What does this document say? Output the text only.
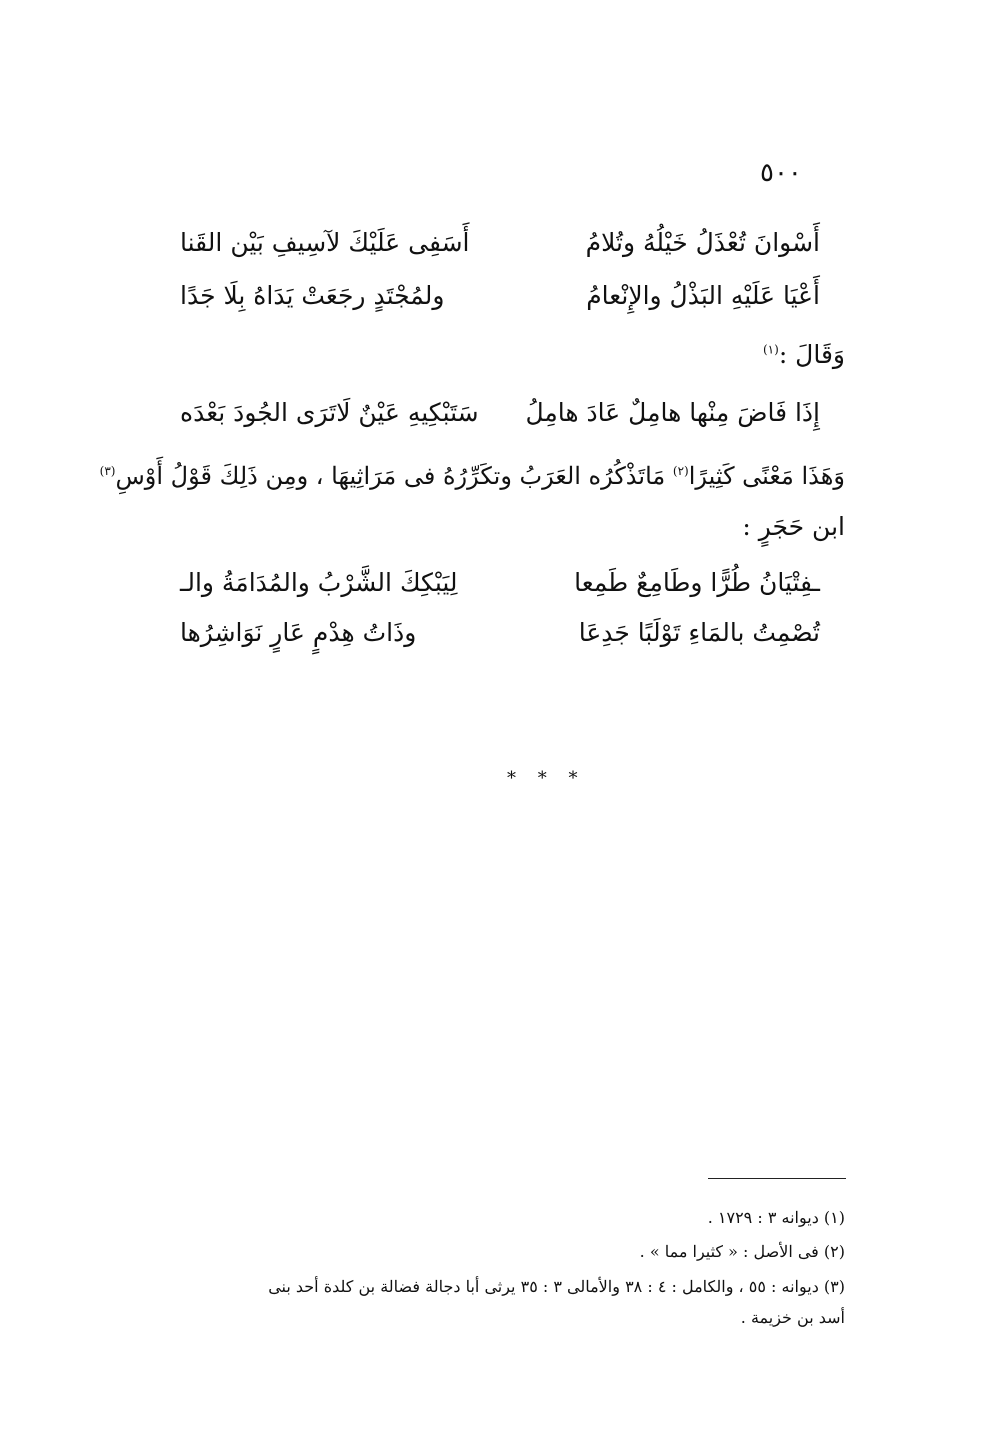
٥٠٠
أَسَفِى عَلَيْكَ لآسِيفِ بَيْن القَنا	أَسْوانَ تُعْذَلُ خَيْلُهُ وتُلامُ
ولمُجْتَدٍ رجَعَتْ يَدَاهُ بِلَا جَدًا	أَعْيَا عَلَيْهِ البَذْلُ والإِنْعامُ
وَقَالَ :$^{(١)}$
سَتَبْكِيهِ عَيْنٌ لَاتَرَى الجُودَ بَعْدَه إِذَا فَاضَ مِنْها هامِلٌ عَادَ هامِلُ
وَهَذَا مَعْنًى كَثِيرًا$^{(٢)}$ مَاتَذْكُرُه العَرَبُ وتكَرِّرُهُ فى مَرَاثِيهَا ، ومِن ذَلِكَ قَوْلُ أَوْسِ$^{(٣)}$
ابن حَجَرٍ :
لِيَبْكِكَ الشَّرْبُ والمُدَامَةُ والـ	ـفِتْيَانُ طُرًّا وطَامِعٌ طَمِعا
وذَاتُ هِدْمٍ عَارٍ نَوَاشِرُها	تُصْمِتُ بالمَاءِ تَوْلَبًا جَدِعَا
* * *
(١) ديوانه ٣ : ١٧٢٩ .
(٢) فى الأصل : « كثيرا مما » .
(٣) ديوانه : ٥٥ ، والكامل : ٤ : ٣٨ والأمالى ٣ : ٣٥ يرثى أبا دجالة فضالة بن كلدة أحد بنى
أسد بن خزيمة .
